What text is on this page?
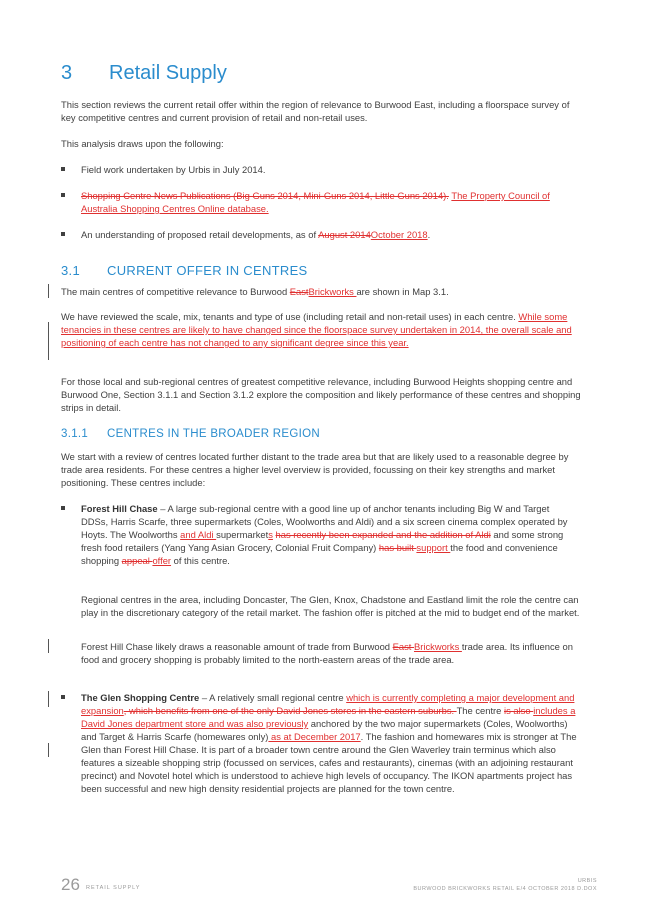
3 Retail Supply
This section reviews the current retail offer within the region of relevance to Burwood East, including a floorspace survey of key competitive centres and current provision of retail and non-retail uses.
This analysis draws upon the following:
Field work undertaken by Urbis in July 2014.
Shopping Centre News Publications (Big Guns 2014, Mini-Guns 2014, Little Guns 2014). The Property Council of Australia Shopping Centres Online database.
An understanding of proposed retail developments, as of August 2014October 2018.
3.1 CURRENT OFFER IN CENTRES
The main centres of competitive relevance to Burwood EastBrickworks are shown in Map 3.1.
We have reviewed the scale, mix, tenants and type of use (including retail and non-retail uses) in each centre. While some tenancies in these centres are likely to have changed since the floorspace survey undertaken in 2014, the overall scale and positioning of each centre has not changed to any significant degree since this year.
For those local and sub-regional centres of greatest competitive relevance, including Burwood Heights shopping centre and Burwood One, Section 3.1.1 and Section 3.1.2 explore the composition and likely performance of these centres and shopping strips in detail.
3.1.1 CENTRES IN THE BROADER REGION
We start with a review of centres located further distant to the trade area but that are likely used to a reasonable degree by trade area residents. For these centres a higher level overview is provided, focussing on their key strengths and market positioning. These centres include:
Forest Hill Chase – A large sub-regional centre with a good line up of anchor tenants including Big W and Target DDSs, Harris Scarfe, three supermarkets (Coles, Woolworths and Aldi) and a six screen cinema complex operated by Hoyts. The Woolworths and Aldi supermarkets has recently been expanded and the addition of Aldi and some strong fresh food retailers (Yang Yang Asian Grocery, Colonial Fruit Company) has built support the food and convenience shopping appeal offer of this centre.
Regional centres in the area, including Doncaster, The Glen, Knox, Chadstone and Eastland limit the role the centre can play in the discretionary category of the retail market. The fashion offer is pitched at the mid to budget end of the market.
Forest Hill Chase likely draws a reasonable amount of trade from Burwood East Brickworks trade area. Its influence on food and grocery shopping is probably limited to the north-eastern areas of the trade area.
The Glen Shopping Centre – A relatively small regional centre which is currently completing a major development and expansion, which benefits from one of the only David Jones stores in the eastern suburbs. The centre is also includes a David Jones department store and was also previously anchored by the two major supermarkets (Coles, Woolworths) and Target & Harris Scarfe (homewares only) as at December 2017. The fashion and homewares mix is stronger at The Glen than Forest Hill Chase. It is part of a broader town centre around the Glen Waverley train terminus which also features a sizeable shopping strip (focussed on services, cafes and restaurants), cinemas (with an adjoining restaurant precinct) and Novotel hotel which is understood to achieve high levels of occupancy. The IKON apartments project has been successful and new high density residential projects are planned for the town centre.
26 RETAIL SUPPLY
URBIS
BURWOOD BRICKWORKS RETAIL E/4 OCTOBER 2018 D.DOX
